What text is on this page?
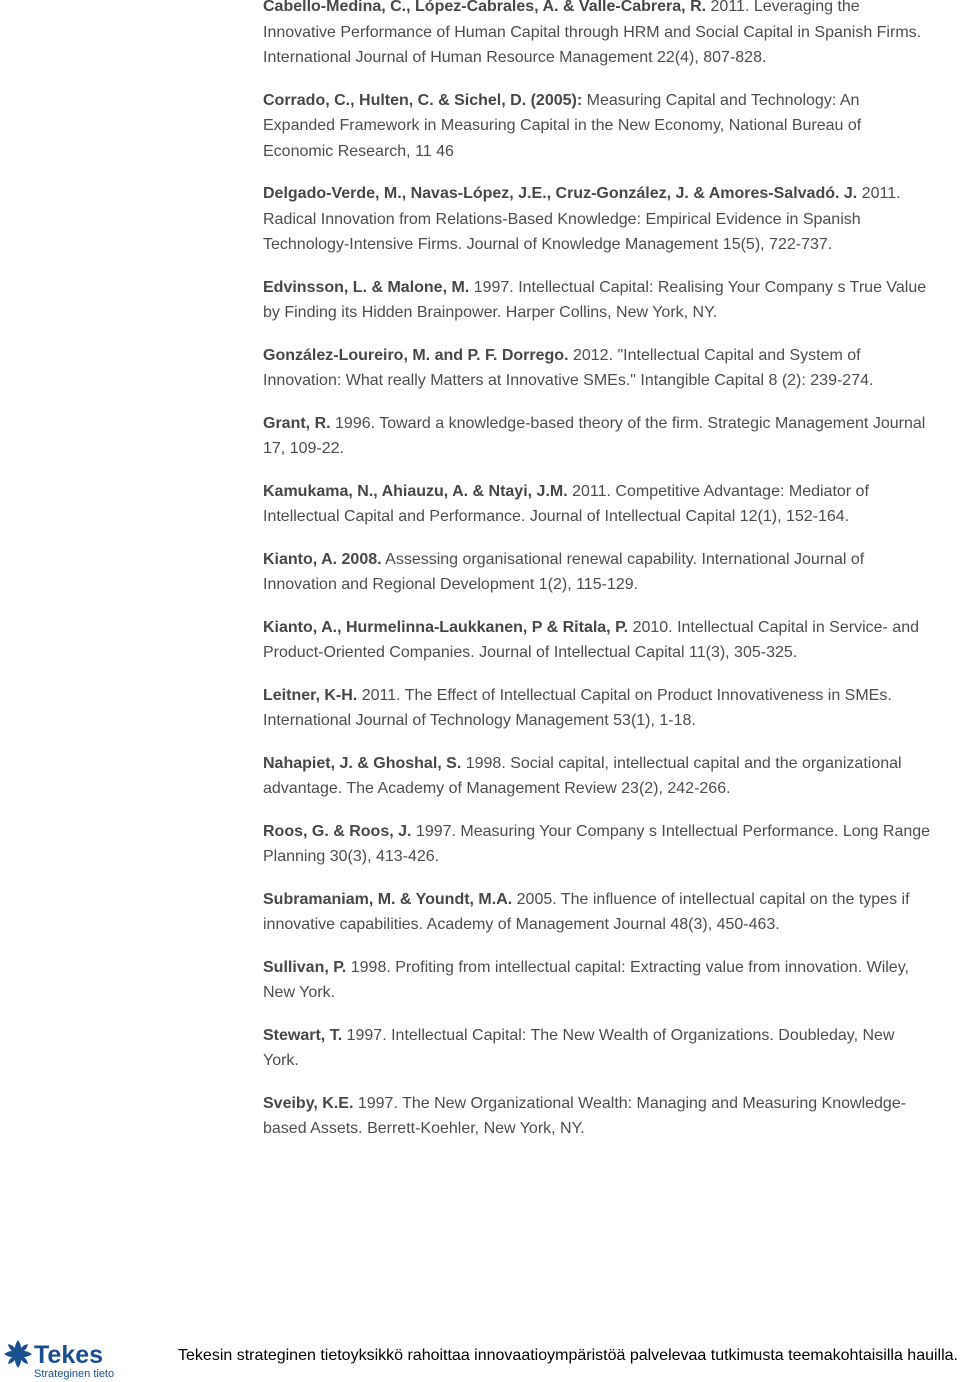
Cabello-Medina, C., López-Cabrales, A. & Valle-Cabrera, R. 2011. Leveraging the Innovative Performance of Human Capital through HRM and Social Capital in Spanish Firms. International Journal of Human Resource Management 22(4), 807-828.

Corrado, C., Hulten, C. & Sichel, D. (2005): Measuring Capital and Technology: An Expanded Framework in Measuring Capital in the New Economy, National Bureau of Economic Research, 11 46

Delgado-Verde, M., Navas-López, J.E., Cruz-González, J. & Amores-Salvadó. J. 2011. Radical Innovation from Relations-Based Knowledge: Empirical Evidence in Spanish Technology-Intensive Firms. Journal of Knowledge Management 15(5), 722-737.

Edvinsson, L. & Malone, M. 1997. Intellectual Capital: Realising Your Company s True Value by Finding its Hidden Brainpower. Harper Collins, New York, NY.

González-Loureiro, M. and P. F. Dorrego. 2012. "Intellectual Capital and System of Innovation: What really Matters at Innovative SMEs." Intangible Capital 8 (2): 239-274.

Grant, R. 1996. Toward a knowledge-based theory of the firm. Strategic Management Journal 17, 109-22.

Kamukama, N., Ahiauzu, A. & Ntayi, J.M. 2011. Competitive Advantage: Mediator of Intellectual Capital and Performance. Journal of Intellectual Capital 12(1), 152-164.

Kianto, A. 2008. Assessing organisational renewal capability. International Journal of Innovation and Regional Development 1(2), 115-129.

Kianto, A., Hurmelinna-Laukkanen, P & Ritala, P. 2010. Intellectual Capital in Service- and Product-Oriented Companies. Journal of Intellectual Capital 11(3), 305-325.

Leitner, K-H. 2011. The Effect of Intellectual Capital on Product Innovativeness in SMEs. International Journal of Technology Management 53(1), 1-18.

Nahapiet, J. & Ghoshal, S. 1998. Social capital, intellectual capital and the organizational advantage. The Academy of Management Review 23(2), 242-266.

Roos, G. & Roos, J. 1997. Measuring Your Company s Intellectual Performance. Long Range Planning 30(3), 413-426.

Subramaniam, M. & Youndt, M.A. 2005. The influence of intellectual capital on the types if innovative capabilities. Academy of Management Journal 48(3), 450-463.

Sullivan, P. 1998. Profiting from intellectual capital: Extracting value from innovation. Wiley, New York.

Stewart, T. 1997. Intellectual Capital: The New Wealth of Organizations. Doubleday, New York.

Sveiby, K.E. 1997. The New Organizational Wealth: Managing and Measuring Knowledge-based Assets. Berrett-Koehler, New York, NY.

Tekes
Strateginen tieto
Tekesin strateginen tietoyksikkö rahoittaa innovaatioympäristöä palvelevaa tutkimusta teemakohtaisilla hauilla.
